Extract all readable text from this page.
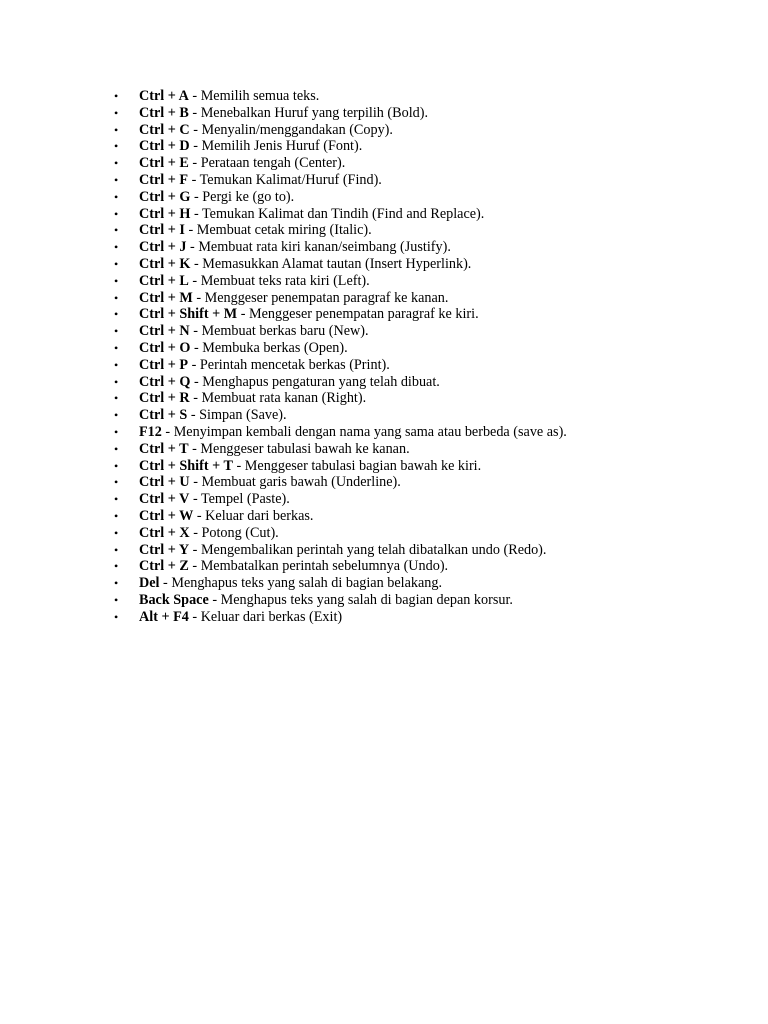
•	Ctrl + A - Memilih semua teks.
•	Ctrl + B - Menebalkan Huruf yang terpilih (Bold).
•	Ctrl + C - Menyalin/menggandakan (Copy).
•	Ctrl + D - Memilih Jenis Huruf (Font).
•	Ctrl + E - Perataan tengah (Center).
•	Ctrl + F - Temukan Kalimat/Huruf (Find).
•	Ctrl + G - Pergi ke (go to).
•	Ctrl + H - Temukan Kalimat dan Tindih (Find and Replace).
•	Ctrl + I - Membuat cetak miring (Italic).
•	Ctrl + J - Membuat rata kiri kanan/seimbang (Justify).
•	Ctrl + K - Memasukkan Alamat tautan (Insert Hyperlink).
•	Ctrl + L - Membuat teks rata kiri (Left).
•	Ctrl + M - Menggeser penempatan paragraf ke kanan.
•	Ctrl + Shift + M - Menggeser penempatan paragraf ke kiri.
•	Ctrl + N - Membuat berkas baru (New).
•	Ctrl + O - Membuka berkas (Open).
•	Ctrl + P - Perintah mencetak berkas (Print).
•	Ctrl + Q - Menghapus pengaturan yang telah dibuat.
•	Ctrl + R - Membuat rata kanan (Right).
•	Ctrl + S - Simpan (Save).
•	F12 - Menyimpan kembali dengan nama yang sama atau berbeda (save as).
•	Ctrl + T - Menggeser tabulasi bawah ke kanan.
•	Ctrl + Shift + T - Menggeser tabulasi bagian bawah ke kiri.
•	Ctrl + U - Membuat garis bawah (Underline).
•	Ctrl + V - Tempel (Paste).
•	Ctrl + W - Keluar dari berkas.
•	Ctrl + X - Potong (Cut).
•	Ctrl + Y - Mengembalikan perintah yang telah dibatalkan undo (Redo).
•	Ctrl + Z - Membatalkan perintah sebelumnya (Undo).
•	Del - Menghapus teks yang salah di bagian belakang.
•	Back Space - Menghapus teks yang salah di bagian depan korsur.
•	Alt + F4 - Keluar dari berkas (Exit)
